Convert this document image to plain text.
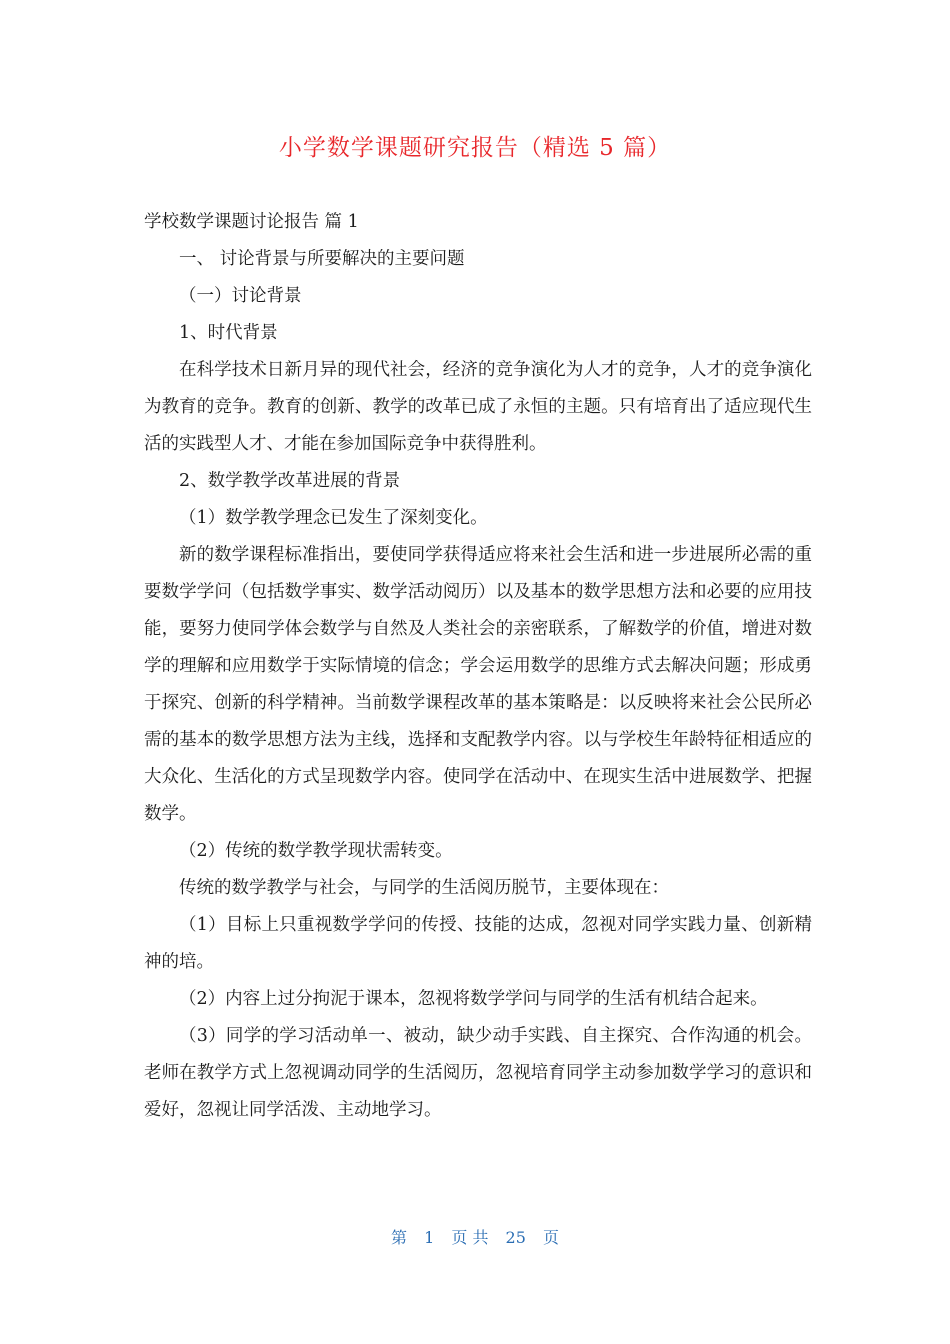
小学数学课题研究报告（精选 5 篇）

学校数学课题讨论报告 篇 1

一、 讨论背景与所要解决的主要问题

（一）讨论背景

1、时代背景

在科学技术日新月异的现代社会，经济的竞争演化为人才的竞争，人才的竞争演化为教育的竞争。教育的创新、教学的改革已成了永恒的主题。只有培育出了适应现代生活的实践型人才、才能在参加国际竞争中获得胜利。

2、数学教学改革进展的背景

（1）数学教学理念已发生了深刻变化。

新的数学课程标准指出，要使同学获得适应将来社会生活和进一步进展所必需的重要数学学问（包括数学事实、数学活动阅历）以及基本的数学思想方法和必要的应用技能，要努力使同学体会数学与自然及人类社会的亲密联系，了解数学的价值，增进对数学的理解和应用数学于实际情境的信念；学会运用数学的思维方式去解决问题；形成勇于探究、创新的科学精神。当前数学课程改革的基本策略是：以反映将来社会公民所必需的基本的数学思想方法为主线，选择和支配教学内容。以与学校生年龄特征相适应的大众化、生活化的方式呈现数学内容。使同学在活动中、在现实生活中进展数学、把握数学。

（2）传统的数学教学现状需转变。

传统的数学教学与社会，与同学的生活阅历脱节，主要体现在：

（1）目标上只重视数学学问的传授、技能的达成，忽视对同学实践力量、创新精神的培。

（2）内容上过分拘泥于课本，忽视将数学学问与同学的生活有机结合起来。

（3）同学的学习活动单一、被动，缺少动手实践、自主探究、合作沟通的机会。老师在教学方式上忽视调动同学的生活阅历，忽视培育同学主动参加数学学习的意识和爱好，忽视让同学活泼、主动地学习。

第 1 页 共 25 页
